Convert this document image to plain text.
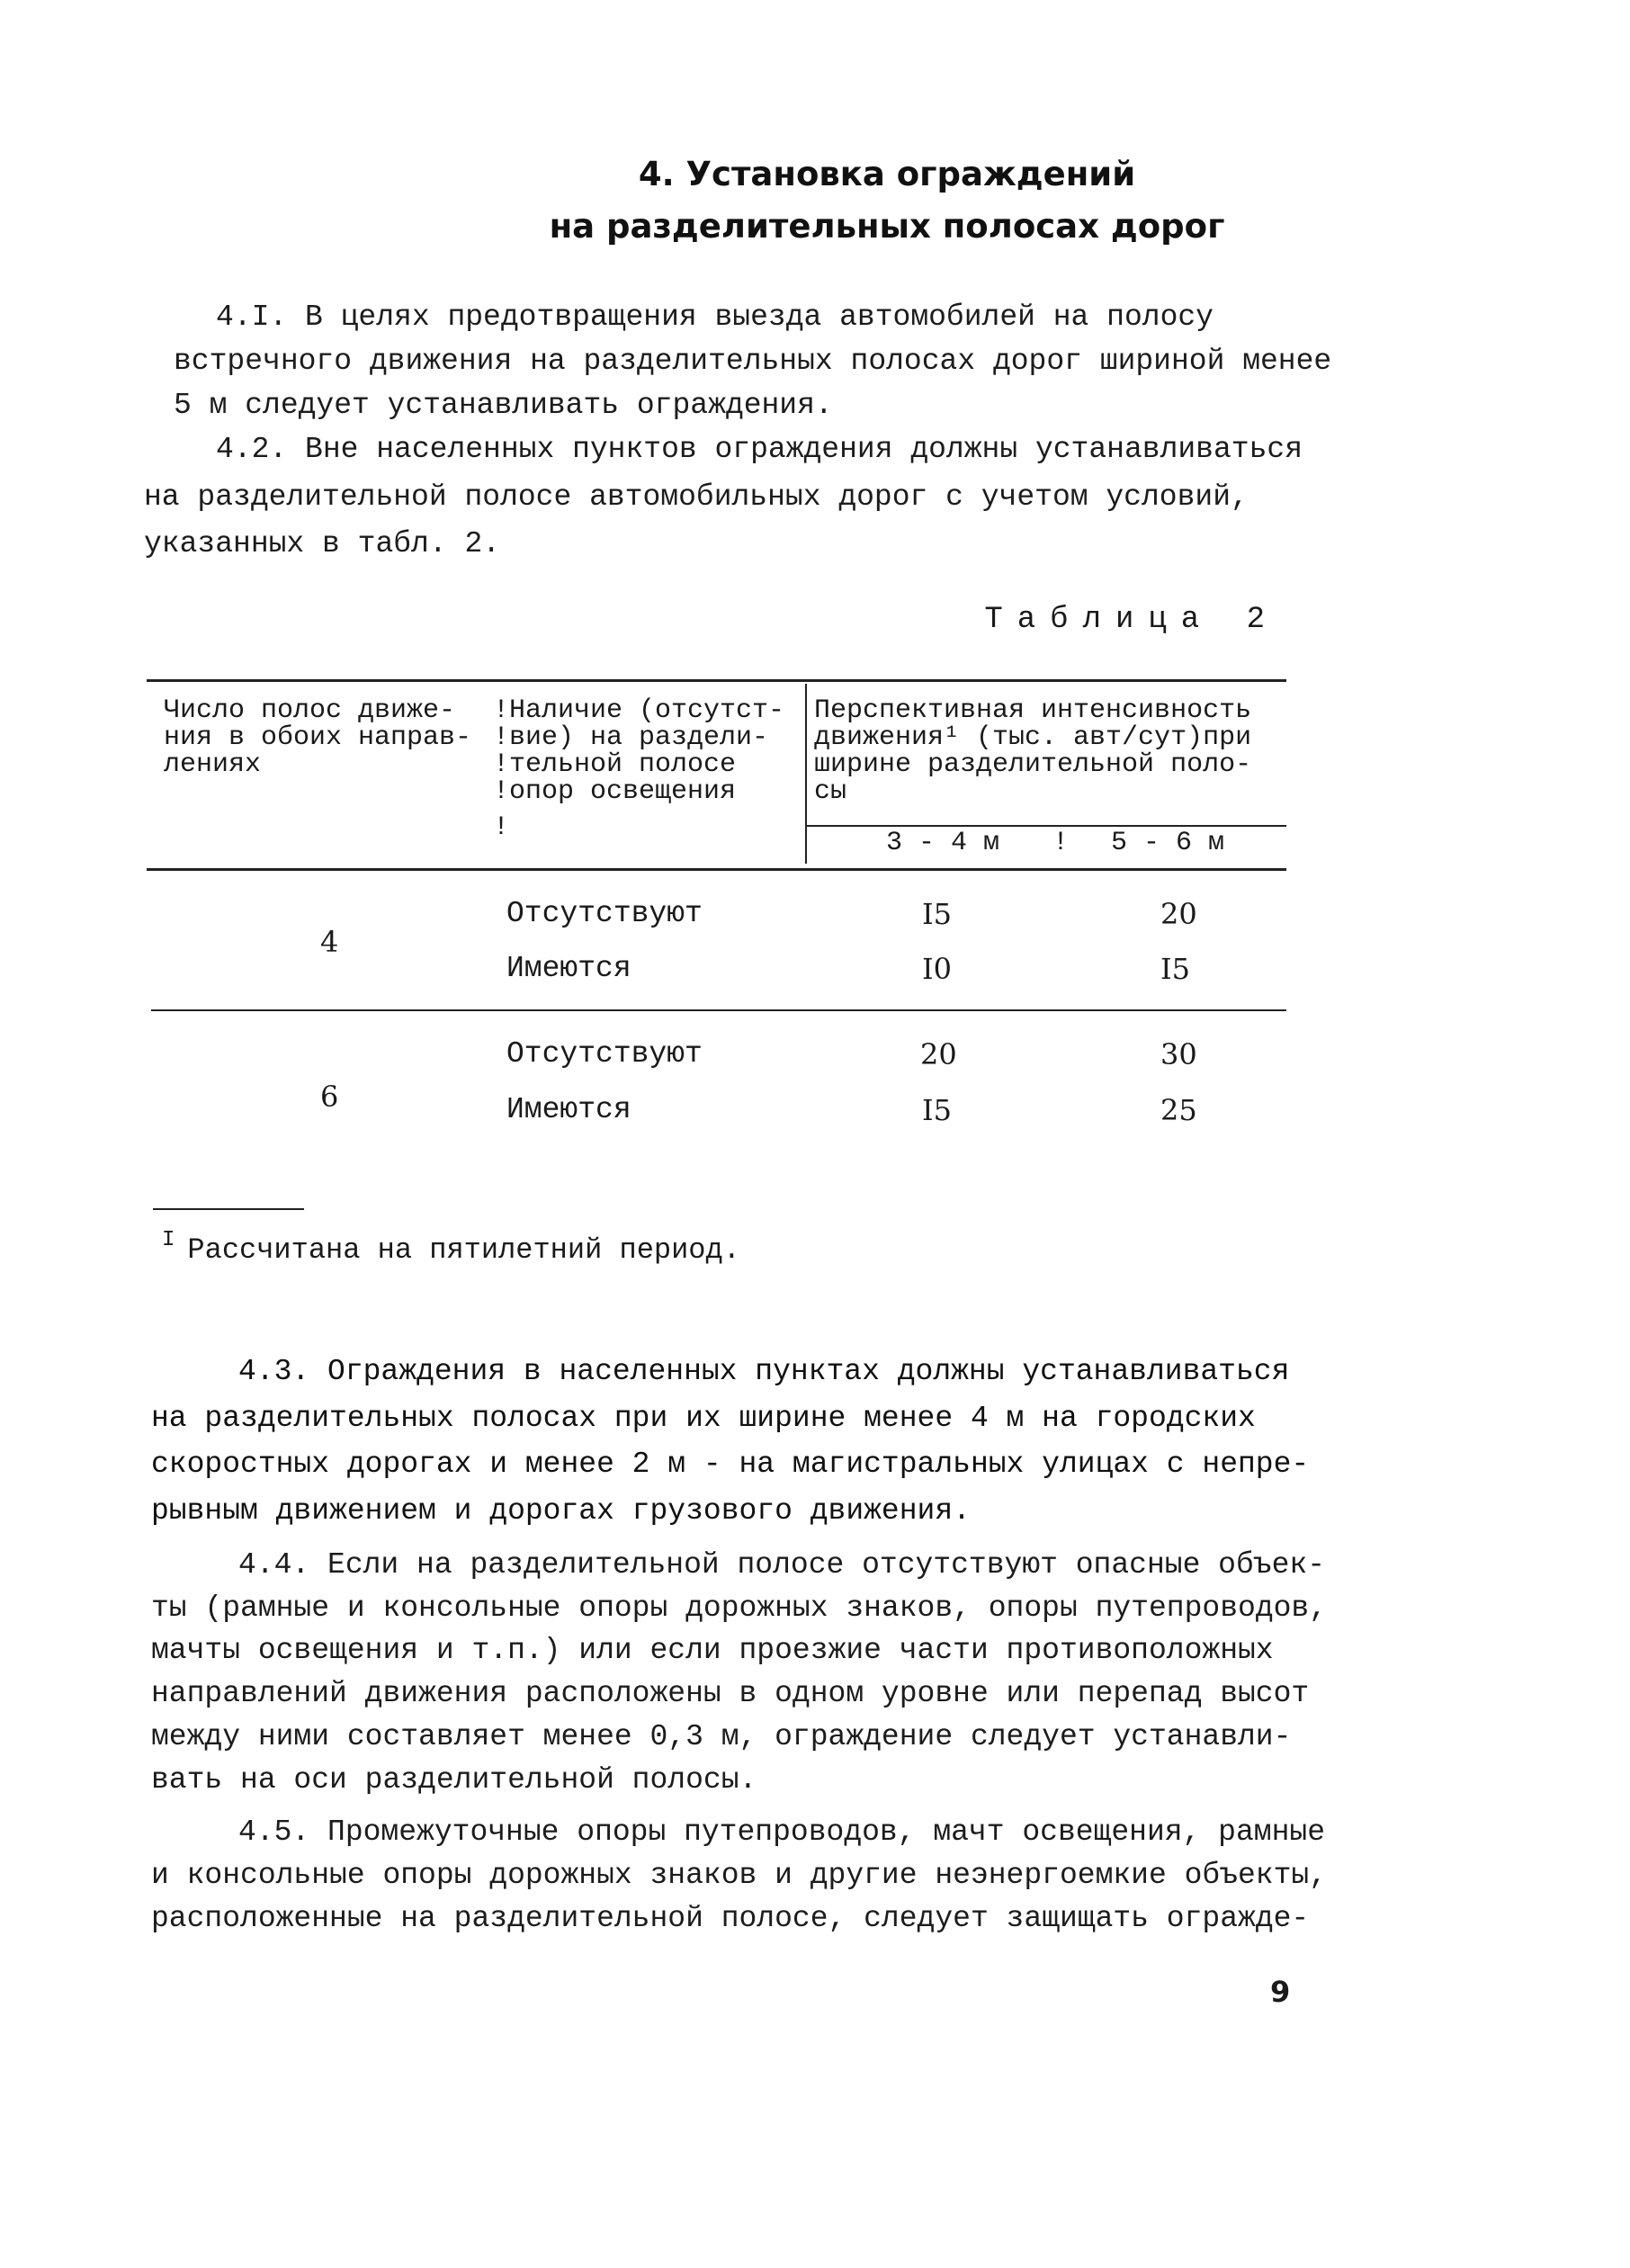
4. Установка ограждений
на разделительных полосах дорог

4.I. В целях предотвращения выезда автомобилей на полосу

встречного движения на разделительных полосах дорог шириной менее

5 м следует устанавливать ограждения.

4.2. Вне населенных пунктов ограждения должны устанавливаться

на разделительной полосе автомобильных дорог с учетом условий,

указанных в табл. 2.

Таблица 2
Число полос движе-
ния в обоих направ-
лениях
!Наличие (отсутст-
!вие) на раздели-
!тельной полосе
!опор освещения
!
Перспективная интенсивность
движения¹ (тыс. авт/сут)при
ширине разделительной поло-
сы
3 - 4 м ! 5 - 6 м
4
Отсутствуют	I5	20
Имеются	I0	I5
6
Отсутствуют	20	30
Имеются	I5	25
$^I$ Рассчитана на пятилетний период.

4.3. Ограждения в населенных пунктах должны устанавливаться

на разделительных полосах при их ширине менее 4 м на городских

скоростных дорогах и менее 2 м - на магистральных улицах с непре-

рывным движением и дорогах грузового движения.

4.4. Если на разделительной полосе отсутствуют опасные объек-

ты (рамные и консольные опоры дорожных знаков, опоры путепроводов,

мачты освещения и т.п.) или если проезжие части противоположных

направлений движения расположены в одном уровне или перепад высот

между ними составляет менее 0,3 м, ограждение следует устанавли-

вать на оси разделительной полосы.

4.5. Промежуточные опоры путепроводов, мачт освещения, рамные

и консольные опоры дорожных знаков и другие неэнергоемкие объекты,

расположенные на разделительной полосе, следует защищать огражде-

9
